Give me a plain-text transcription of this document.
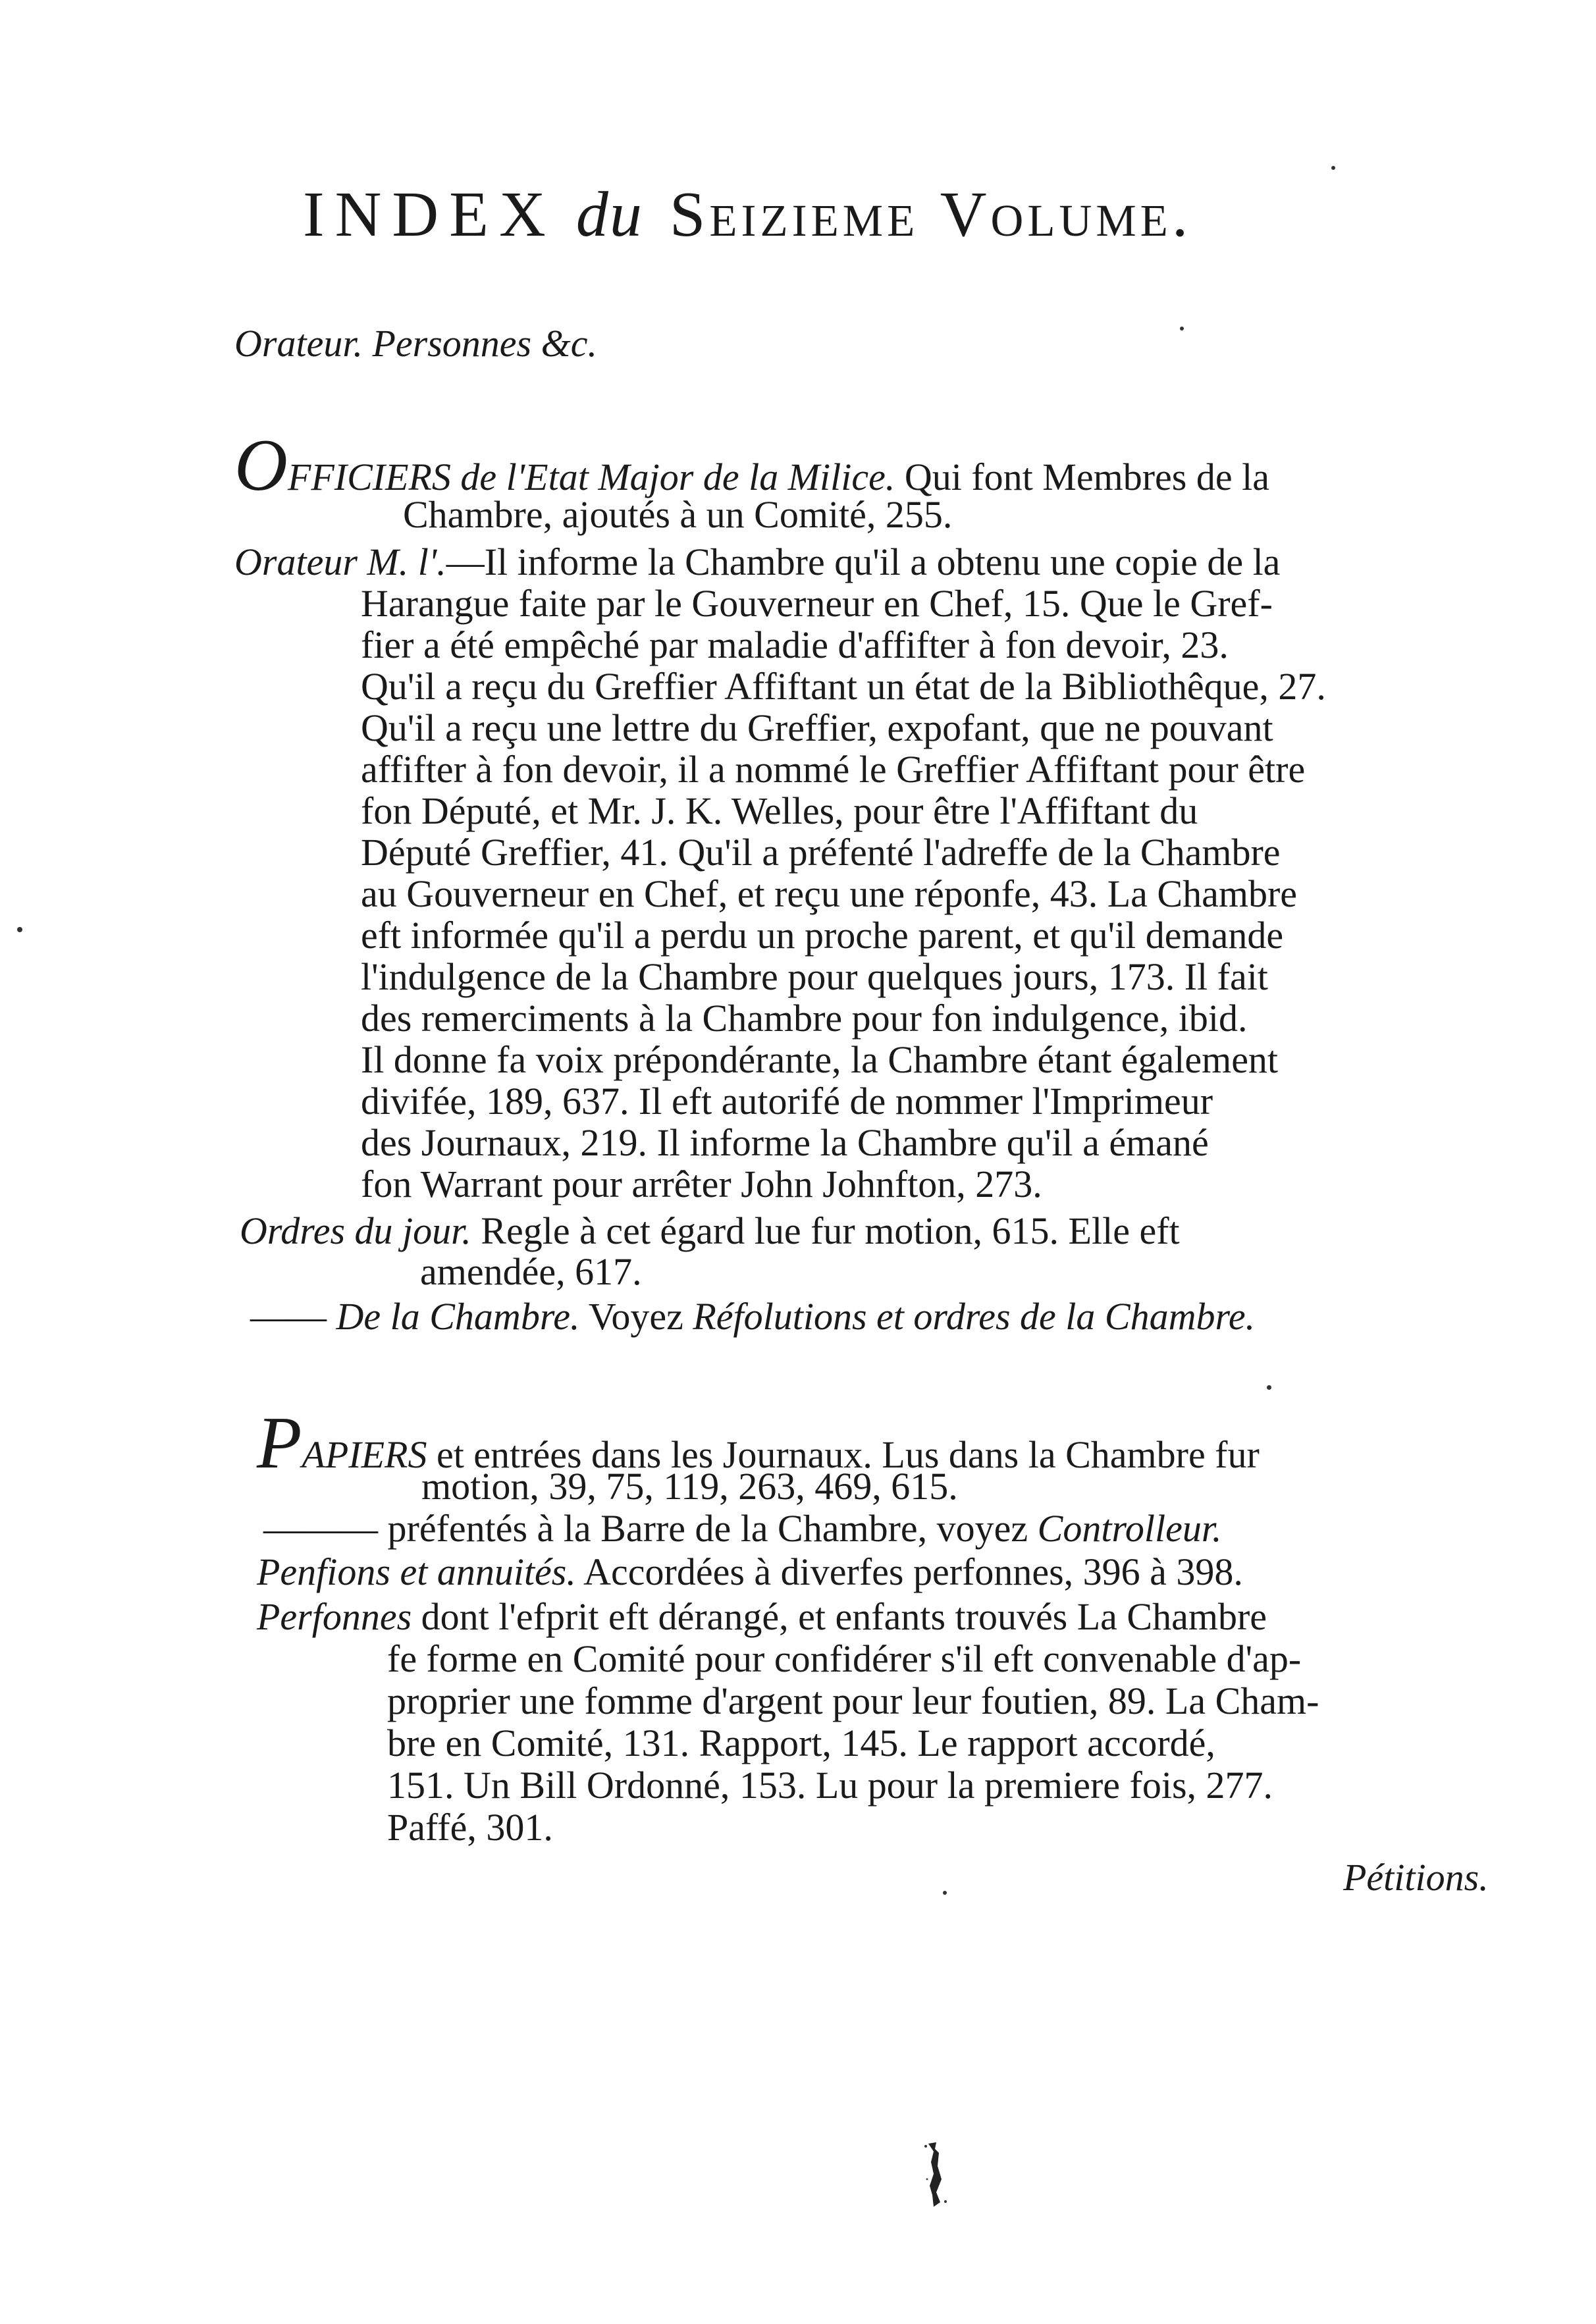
INDEX du Seizieme Volume.
Orateur. Personnes &c.
OFFICIERS de l'Etat Major de la Milice. Qui font Membres de la
Chambre, ajoutés à un Comité, 255.
Orateur M. l'.—Il informe la Chambre qu'il a obtenu une copie de la
Harangue faite par le Gouverneur en Chef, 15. Que le Gref-
fier a été empêché par maladie d'affifter à fon devoir, 23.
Qu'il a reçu du Greffier Affiftant un état de la Bibliothêque, 27.
Qu'il a reçu une lettre du Greffier, expofant, que ne pouvant
affifter à fon devoir, il a nommé le Greffier Affiftant pour être
fon Député, et Mr. J. K. Welles, pour être l'Affiftant du
Député Greffier, 41. Qu'il a préfenté l'adreffe de la Chambre
au Gouverneur en Chef, et reçu une réponfe, 43. La Chambre
eft informée qu'il a perdu un proche parent, et qu'il demande
l'indulgence de la Chambre pour quelques jours, 173. Il fait
des remerciments à la Chambre pour fon indulgence, ibid.
Il donne fa voix prépondérante, la Chambre étant également
divifée, 189, 637. Il eft autorifé de nommer l'Imprimeur
des Journaux, 219. Il informe la Chambre qu'il a émané
fon Warrant pour arrêter John Johnfton, 273.
Ordres du jour. Regle à cet égard lue fur motion, 615. Elle eft
amendée, 617.
—— De la Chambre. Voyez Réfolutions et ordres de la Chambre.
PAPIERS et entrées dans les Journaux. Lus dans la Chambre fur
motion, 39, 75, 119, 263, 469, 615.
——— préfentés à la Barre de la Chambre, voyez Controlleur.
Penfions et annuités. Accordées à diverfes perfonnes, 396 à 398.
Perfonnes dont l'efprit eft dérangé, et enfants trouvés La Chambre
fe forme en Comité pour confidérer s'il eft convenable d'ap-
proprier une fomme d'argent pour leur foutien, 89. La Cham-
bre en Comité, 131. Rapport, 145. Le rapport accordé,
151. Un Bill Ordonné, 153. Lu pour la premiere fois, 277.
Paffé, 301.
Pétitions.
